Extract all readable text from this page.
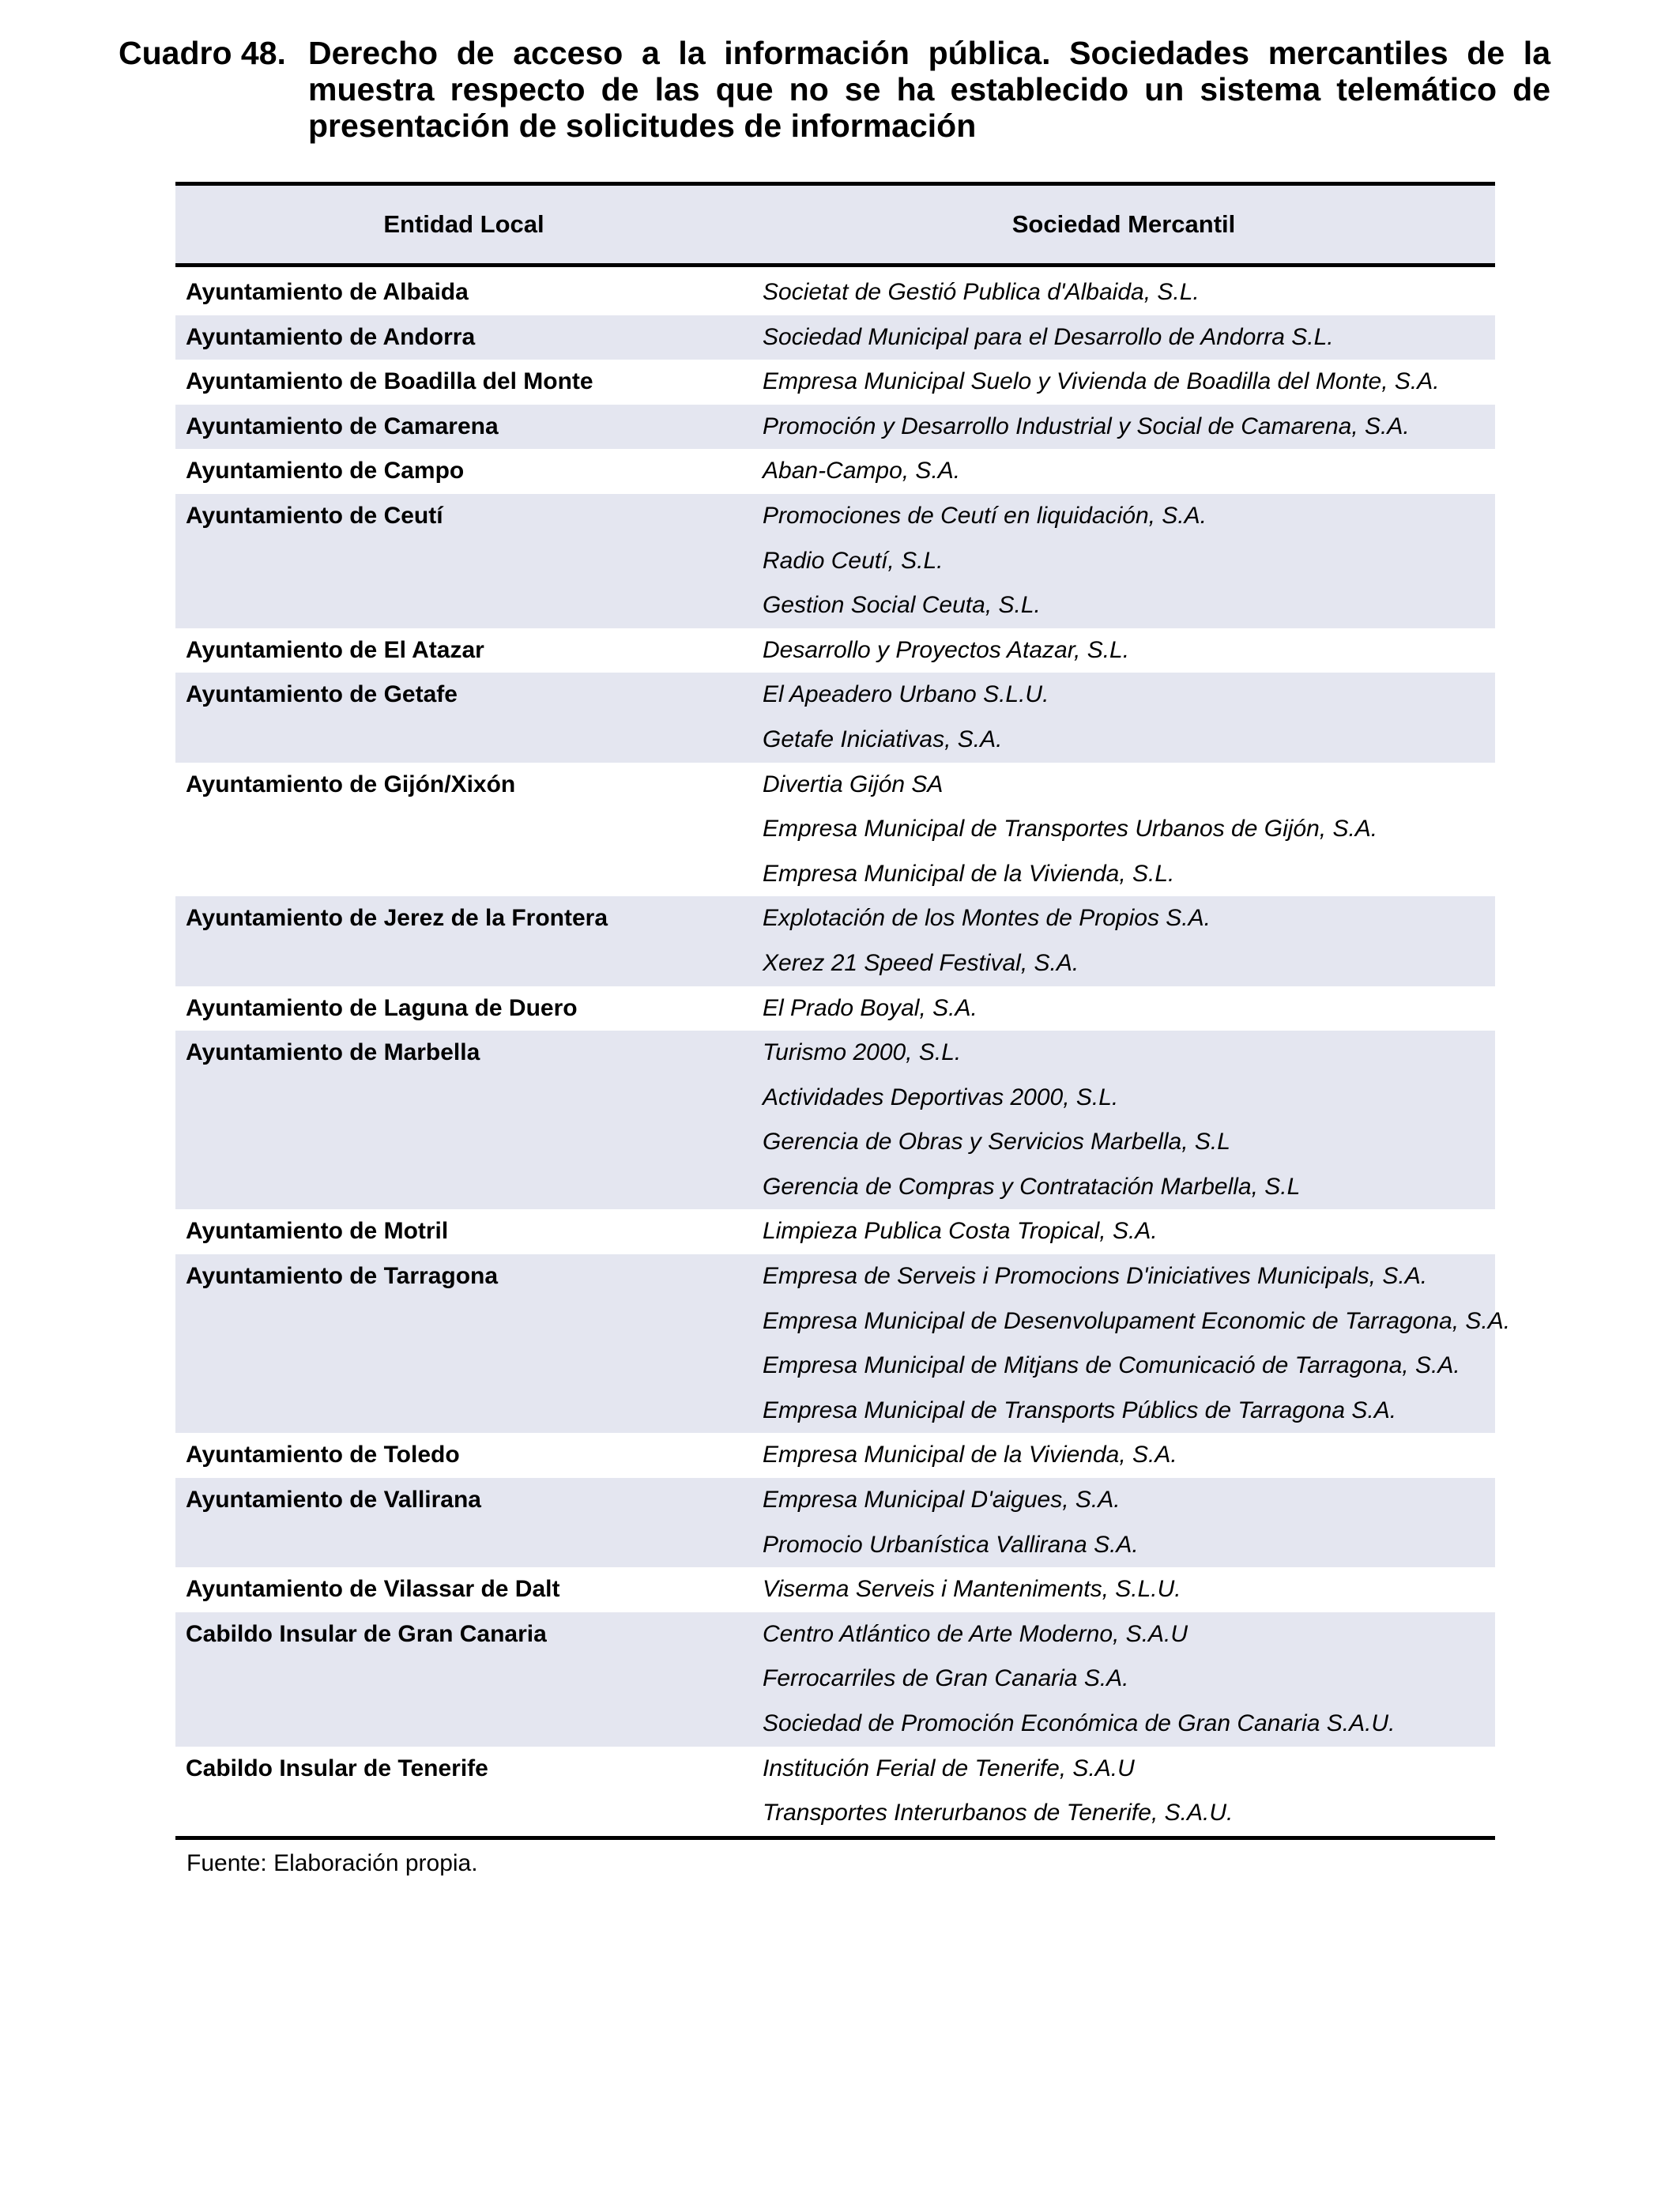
Cuadro 48. Derecho de acceso a la información pública. Sociedades mercantiles de la muestra respecto de las que no se ha establecido un sistema telemático de presentación de solicitudes de información
Entidad Local	Sociedad Mercantil
Ayuntamiento de Albaida	Societat de Gestió Publica d'Albaida, S.L.
Ayuntamiento de Andorra	Sociedad Municipal para el Desarrollo de Andorra S.L.
Ayuntamiento de Boadilla del Monte	Empresa Municipal Suelo y Vivienda de Boadilla del Monte, S.A.
Ayuntamiento de Camarena	Promoción y Desarrollo Industrial y Social de Camarena, S.A.
Ayuntamiento de Campo	Aban-Campo, S.A.
Ayuntamiento de Ceutí	Promociones de Ceutí en liquidación, S.A.
Radio Ceutí, S.L.
Gestion Social Ceuta, S.L.
Ayuntamiento de El Atazar	Desarrollo y Proyectos Atazar, S.L.
Ayuntamiento de Getafe	El Apeadero Urbano S.L.U.
Getafe Iniciativas, S.A.
Ayuntamiento de Gijón/Xixón	Divertia Gijón SA
Empresa Municipal de Transportes Urbanos de Gijón, S.A.
Empresa Municipal de la Vivienda, S.L.
Ayuntamiento de Jerez de la Frontera	Explotación de los Montes de Propios S.A.
Xerez 21 Speed Festival, S.A.
Ayuntamiento de Laguna de Duero	El Prado Boyal, S.A.
Ayuntamiento de Marbella	Turismo 2000, S.L.
Actividades Deportivas 2000, S.L.
Gerencia de Obras y Servicios Marbella, S.L
Gerencia de Compras y Contratación Marbella, S.L
Ayuntamiento de Motril	Limpieza Publica Costa Tropical, S.A.
Ayuntamiento de Tarragona	Empresa de Serveis i Promocions D'iniciatives Municipals, S.A.
Empresa Municipal de Desenvolupament Economic de Tarragona, S.A.
Empresa Municipal de Mitjans de Comunicació de Tarragona, S.A.
Empresa Municipal de Transports Públics de Tarragona S.A.
Ayuntamiento de Toledo	Empresa Municipal de la Vivienda, S.A.
Ayuntamiento de Vallirana	Empresa Municipal D'aigues, S.A.
Promocio Urbanística Vallirana S.A.
Ayuntamiento de Vilassar de Dalt	Viserma Serveis i Manteniments, S.L.U.
Cabildo Insular de Gran Canaria	Centro Atlántico de Arte Moderno, S.A.U
Ferrocarriles de Gran Canaria S.A.
Sociedad de Promoción Económica de Gran Canaria S.A.U.
Cabildo Insular de Tenerife	Institución Ferial de Tenerife, S.A.U
Transportes Interurbanos de Tenerife, S.A.U.
Fuente: Elaboración propia.
